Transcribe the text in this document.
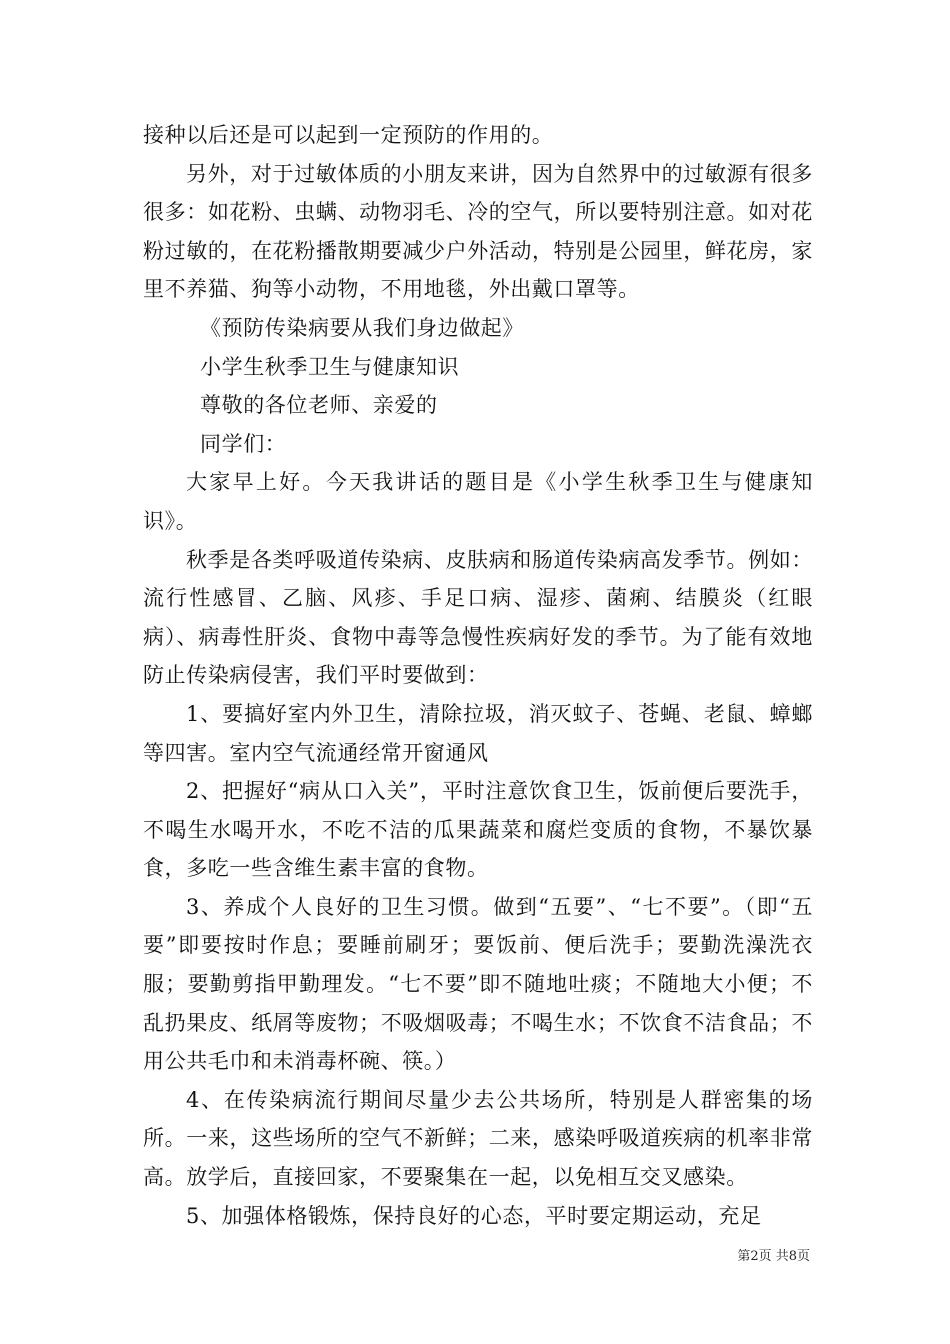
接种以后还是可以起到一定预防的作用的。

另外，对于过敏体质的小朋友来讲，因为自然界中的过敏源有很多很多：如花粉、虫螨、动物羽毛、冷的空气，所以要特别注意。如对花粉过敏的，在花粉播散期要减少户外活动，特别是公园里，鲜花房，家里不养猫、狗等小动物，不用地毯，外出戴口罩等。

《预防传染病要从我们身边做起》

小学生秋季卫生与健康知识

尊敬的各位老师、亲爱的

同学们：

大家早上好。今天我讲话的题目是《小学生秋季卫生与健康知识》。

秋季是各类呼吸道传染病、皮肤病和肠道传染病高发季节。例如：流行性感冒、乙脑、风疹、手足口病、湿疹、菌痢、结膜炎（红眼病）、病毒性肝炎、食物中毒等急慢性疾病好发的季节。为了能有效地防止传染病侵害，我们平时要做到：

1、要搞好室内外卫生，清除拉圾，消灭蚊子、苍蝇、老鼠、蟑螂等四害。室内空气流通经常开窗通风

2、把握好“病从口入关”，平时注意饮食卫生，饭前便后要洗手，不喝生水喝开水，不吃不洁的瓜果蔬菜和腐烂变质的食物，不暴饮暴食，多吃一些含维生素丰富的食物。

3、养成个人良好的卫生习惯。做到“五要”、“七不要”。（即“五要”即要按时作息；要睡前刷牙；要饭前、便后洗手；要勤洗澡洗衣服；要勤剪指甲勤理发。“七不要”即不随地吐痰；不随地大小便；不乱扔果皮、纸屑等废物；不吸烟吸毒；不喝生水；不饮食不洁食品；不用公共毛巾和未消毒杯碗、筷。）

4、在传染病流行期间尽量少去公共场所，特别是人群密集的场所。一来，这些场所的空气不新鲜；二来，感染呼吸道疾病的机率非常高。放学后，直接回家，不要聚集在一起，以免相互交叉感染。

5、加强体格锻炼，保持良好的心态，平时要定期运动，充足

第2页 共8页
